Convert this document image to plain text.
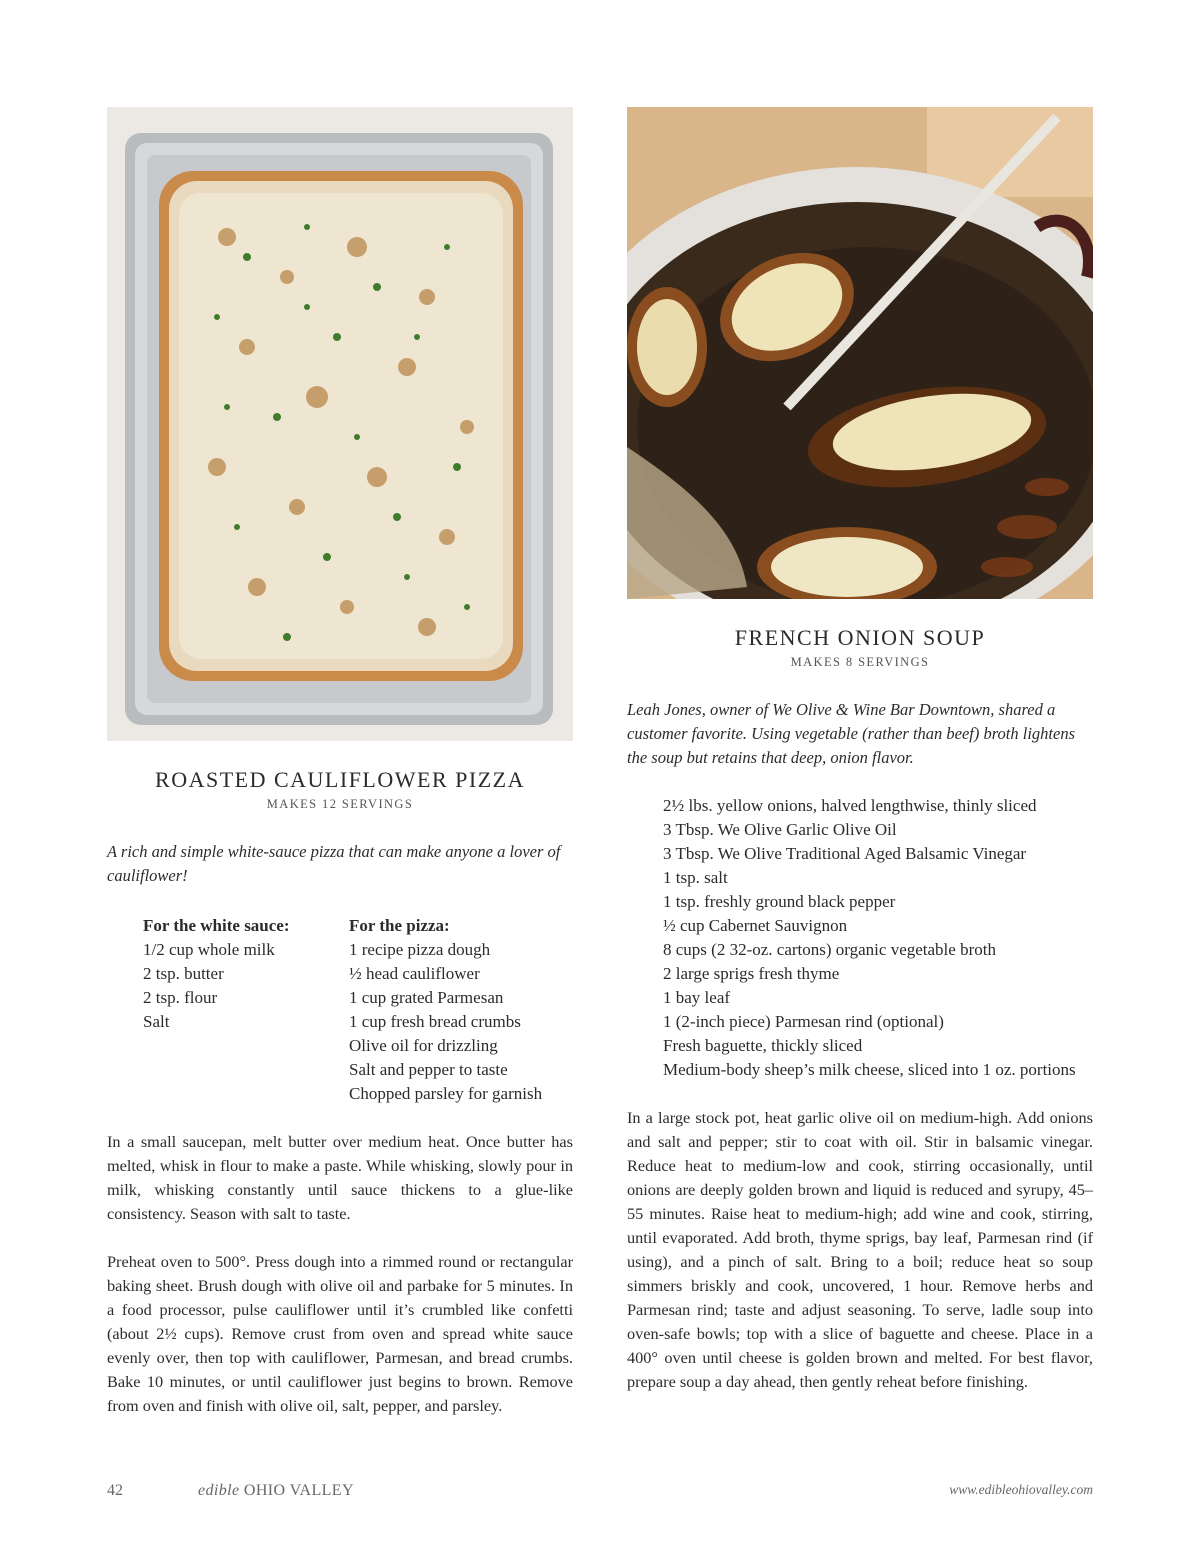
ROASTED CAULIFLOWER PIZZA
MAKES 12 SERVINGS

A rich and simple white-sauce pizza that can make anyone a lover of cauliflower!

For the white sauce:
1/2 cup whole milk
2 tsp. butter
2 tsp. flour
Salt
For the pizza:
1 recipe pizza dough
½ head cauliflower
1 cup grated Parmesan
1 cup fresh bread crumbs
Olive oil for drizzling
Salt and pepper to taste
Chopped parsley for garnish

In a small saucepan, melt butter over medium heat. Once butter has melted, whisk in flour to make a paste. While whisking, slowly pour in milk, whisking constantly until sauce thickens to a glue-like consistency. Season with salt to taste.

Preheat oven to 500°. Press dough into a rimmed round or rectangular baking sheet. Brush dough with olive oil and parbake for 5 minutes. In a food processor, pulse cauliflower until it’s crumbled like confetti (about 2½ cups). Remove crust from oven and spread white sauce evenly over, then top with cauliflower, Parmesan, and bread crumbs. Bake 10 minutes, or until cauliflower just begins to brown. Remove from oven and finish with olive oil, salt, pepper, and parsley.

FRENCH ONION SOUP
MAKES 8 SERVINGS

Leah Jones, owner of We Olive & Wine Bar Downtown, shared a customer favorite. Using vegetable (rather than beef) broth lightens the soup but retains that deep, onion flavor.

2½ lbs. yellow onions, halved lengthwise, thinly sliced
3 Tbsp. We Olive Garlic Olive Oil
3 Tbsp. We Olive Traditional Aged Balsamic Vinegar
1 tsp. salt
1 tsp. freshly ground black pepper
½ cup Cabernet Sauvignon
8 cups (2 32-oz. cartons) organic vegetable broth
2 large sprigs fresh thyme
1 bay leaf
1 (2-inch piece) Parmesan rind (optional)
Fresh baguette, thickly sliced
Medium-body sheep’s milk cheese, sliced into 1 oz. portions

In a large stock pot, heat garlic olive oil on medium-high. Add onions and salt and pepper; stir to coat with oil. Stir in balsamic vinegar. Reduce heat to medium-low and cook, stirring occasionally, until onions are deeply golden brown and liquid is reduced and syrupy, 45–55 minutes. Raise heat to medium-high; add wine and cook, stirring, until evaporated. Add broth, thyme sprigs, bay leaf, Parmesan rind (if using), and a pinch of salt. Bring to a boil; reduce heat so soup simmers briskly and cook, uncovered, 1 hour. Remove herbs and Parmesan rind; taste and adjust seasoning. To serve, ladle soup into oven-safe bowls; top with a slice of baguette and cheese. Place in a 400° oven until cheese is golden brown and melted. For best flavor, prepare soup a day ahead, then gently reheat before finishing.

42	edible OHIO VALLEY	www.edibleohiovalley.com
